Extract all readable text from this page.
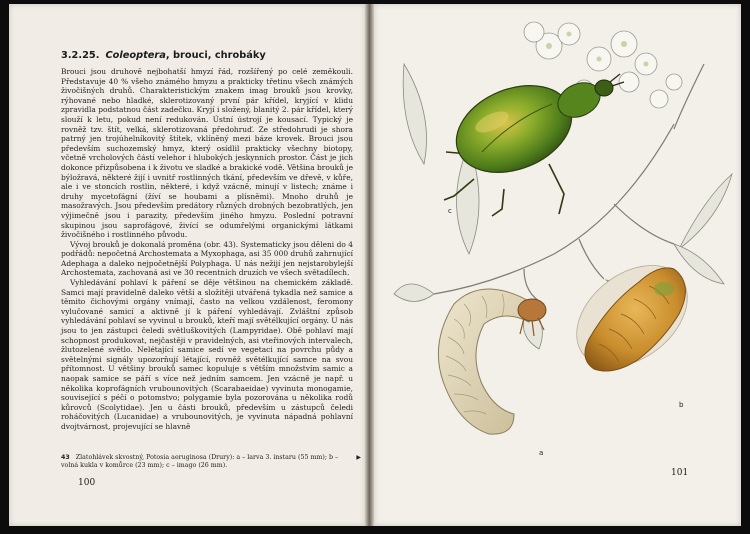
3.2.25. Coleoptera, brouci, chrobáky

Brouci jsou druhově nejbohatší hmyzí řád, rozšířený po celé zeměkouli. Představuje 40 % všeho známého hmyzu a prakticky třetinu všech známých živočišných druhů. Charakteristickým znakem imag brouků jsou krovky, rýhované nebo hladké, sklerotizovaný první pár křídel, kryjící v klidu zpravidla podstatnou část zadečku. Kryjí i složený, blanitý 2. pár křídel, který slouží k letu, pokud není redukován. Ústní ústrojí je kousací. Typický je rovněž tzv. štít, velká, sklerotizovaná předohruď. Ze středohrudi je shora patrný jen trojúhelníkovitý štítek, vklíněný mezi báze krovek. Brouci jsou především suchozemský hmyz, který osídlil prakticky všechny biotopy, včetně vrcholových částí velehor i hlubokých jeskynních prostor. Část je jich dokonce přizpůsobena i k životu ve sladké a brakické vodě. Většina brouků je býložravá, některé žijí i uvnitř rostlinných tkání, především ve dřevě, v kůře, ale i ve stoncích rostlin, některé, i když vzácně, minují v listech; známe i druhy mycetofágní (žíví se houbami a plísněmi). Mnoho druhů je masožravých. Jsou především predátory různých drobných bezobratlých, jen výjimečně jsou i parazity, především jiného hmyzu. Poslední potravní skupinou jsou saprofágové, živící se odumřelými organickými látkami živočišného i rostlinného původu.

Vývoj brouků je dokonalá proměna (obr. 43). Systematicky jsou děleni do 4 podřádů: nepočetná Archostemata a Myxophaga, asi 35 000 druhů zahrnující Adephaga a daleko nejpočetnější Polyphaga. U nás nežijí jen nejstarobylejší Archostemata, zachovaná asi ve 30 recentních druzích ve všech světadílech.

Vyhledávání pohlaví k páření se děje většinou na chemickém základě. Samci mají pravidelně daleko větší a složitěji utvářená tykadla než samice a těmito čichovými orgány vnímají, často na velkou vzdálenost, feromony vylučované samicí a aktivně jí k páření vyhledávají. Zvláštní způsob vyhledávání pohlaví se vyvinul u brouků, kteří mají světélkující orgány. U nás jsou to jen zástupci čeledi světluškovitých (Lampyridae). Obě pohlaví mají schopnost produkovat, nejčastěji v pravidelných, asi vteřinových intervalech, žlutozelené světlo. Nelétající samice sedí ve vegetaci na povrchu půdy a světelnými signály upozorňují létající, rovněž světélkující samce na svou přítomnost. U většiny brouků samec kopuluje s větším množstvím samic a naopak samice se páří s více než jedním samcem. Jen vzácně je např. u několika koprofágních vrubounovitých (Scarabaeidae) vyvinuta monogamie, související s péčí o potomstvo; polygamie byla pozorována u několika rodů kůrovců (Scolytidae). Jen u části brouků, především u zástupců čeledi roháčovitých (Lucanidae) a vrubounovitých, je vyvinuta nápadná pohlavní dvojtvárnost, projevující se hlavně

43 Zlatohlávek skvostný, Potosia aeruginosa (Drury): a – larva 3. instaru (55 mm); b – volná kukla v komůrce (23 mm); c – imago (26 mm).
▶
100
c
a
b
101
